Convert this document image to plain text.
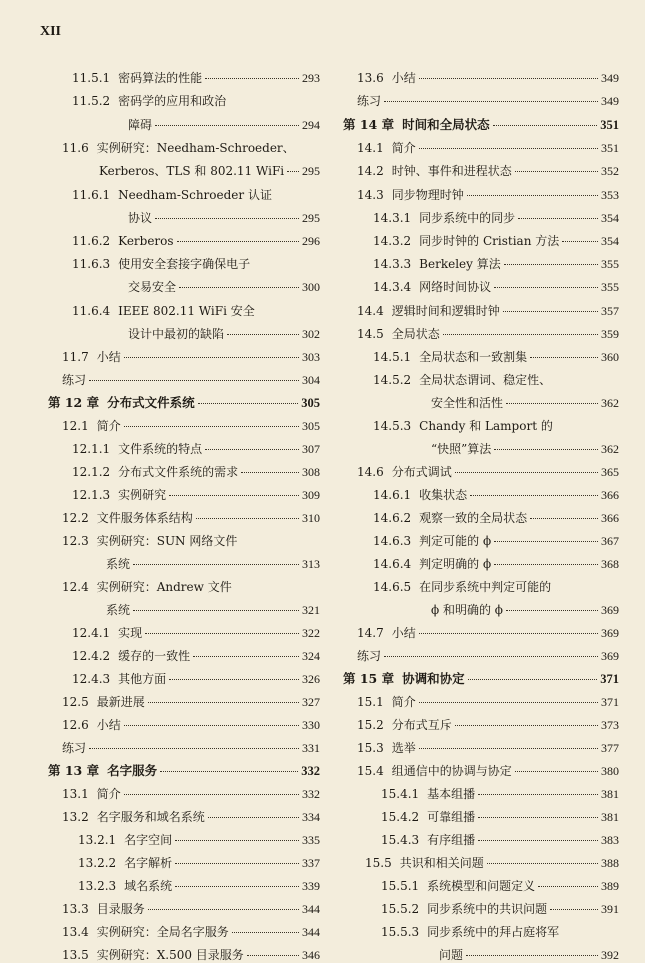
XII
11.5.1 密码算法的性能	293
11.5.2 密码学的应用和政治
障碍	294
11.6 实例研究：Needham-Schroeder、
Kerberos、TLS 和 802.11 WiFi 295
11.6.1 Needham-Schroeder 认证
协议	295
11.6.2 Kerberos	296
11.6.3 使用安全套接字确保电子
交易安全	300
11.6.4 IEEE 802.11 WiFi 安全
设计中最初的缺陷	302
11.7 小结	303
练习	304
第 12 章 分布式文件系统	305
12.1 简介	305
12.1.1 文件系统的特点	307
12.1.2 分布式文件系统的需求	308
12.1.3 实例研究	309
12.2 文件服务体系结构	310
12.3 实例研究：SUN 网络文件
系统	313
12.4 实例研究：Andrew 文件
系统	321
12.4.1 实现	322
12.4.2 缓存的一致性	324
12.4.3 其他方面	326
12.5 最新进展	327
12.6 小结	330
练习	331
第 13 章 名字服务	332
13.1 简介	332
13.2 名字服务和域名系统	334
13.2.1 名字空间	335
13.2.2 名字解析	337
13.2.3 域名系统	339
13.3 目录服务	344
13.4 实例研究：全局名字服务	344
13.5 实例研究：X.500 目录服务	346
13.6 小结	349
练习	349
第 14 章 时间和全局状态	351
14.1 简介	351
14.2 时钟、事件和进程状态	352
14.3 同步物理时钟	353
14.3.1 同步系统中的同步	354
14.3.2 同步时钟的 Cristian 方法	354
14.3.3 Berkeley 算法	355
14.3.4 网络时间协议	355
14.4 逻辑时间和逻辑时钟	357
14.5 全局状态	359
14.5.1 全局状态和一致割集	360
14.5.2 全局状态谓词、稳定性、
安全性和活性	362
14.5.3 Chandy 和 Lamport 的
“快照”算法	362
14.6 分布式调试	365
14.6.1 收集状态	366
14.6.2 观察一致的全局状态	366
14.6.3 判定可能的 ϕ	367
14.6.4 判定明确的 ϕ	368
14.6.5 在同步系统中判定可能的
ϕ 和明确的 ϕ	369
14.7 小结	369
练习	369
第 15 章 协调和协定	371
15.1 简介	371
15.2 分布式互斥	373
15.3 选举	377
15.4 组通信中的协调与协定	380
15.4.1 基本组播	381
15.4.2 可靠组播	381
15.4.3 有序组播	383
15.5 共识和相关问题	388
15.5.1 系统模型和问题定义	389
15.5.2 同步系统中的共识问题	391
15.5.3 同步系统中的拜占庭将军
问题	392
